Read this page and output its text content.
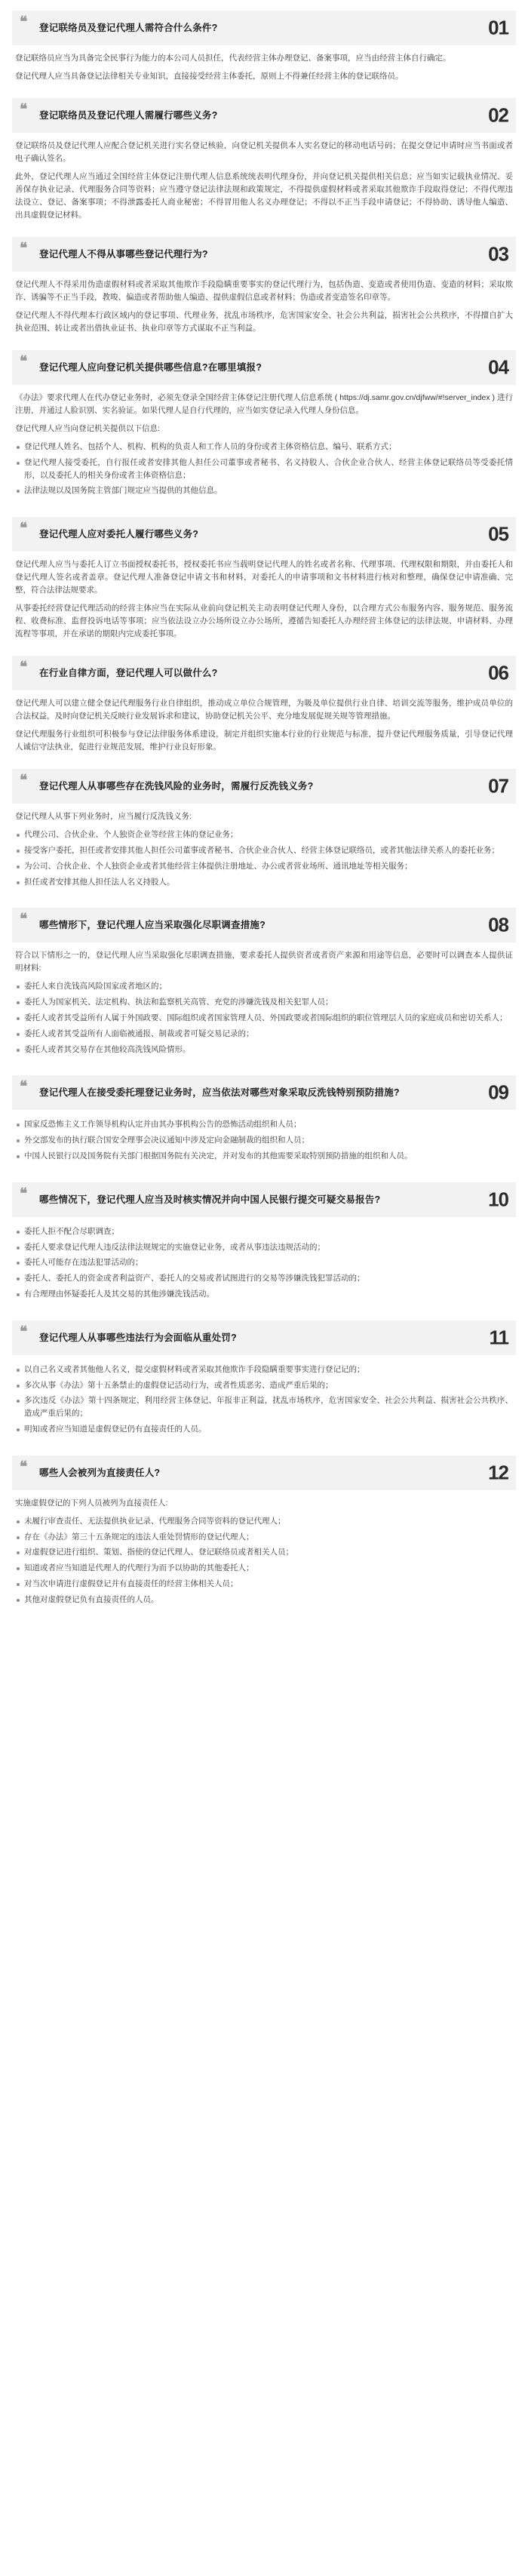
❝ 登记联络员及登记代理人需符合什么条件?	01

登记联络员应当为具备完全民事行为能力的本公司人员担任，代表经营主体办理登记、备案事项，应当由经营主体自行确定。

登记代理人应当具备登记法律相关专业知识，直接接受经营主体委托，原则上不得兼任经营主体的登记联络员。

❝ 登记联络员及登记代理人需履行哪些义务?	02

登记联络员及登记代理人应配合登记机关进行实名登记核验，向登记机关提供本人实名登记的移动电话号码；在提交登记申请时应当书面或者电子确认签名。

此外，登记代理人应当通过全国经营主体登记注册代理人信息系统统表明代理身份，并向登记机关提供相关信息；应当如实记载执业情况、妥善保存执业记录、代理服务合同等资料；应当遵守登记法律法规和政策规定，不得提供虚假材料或者采取其他欺诈手段取得登记；不得代理违法设立、登记、备案事项；不得泄露委托人商业秘密；不得冒用他人名义办理登记；不得以不正当手段申请登记；不得协助、诱导他人编造、出具虚假登记材料。

❝ 登记代理人不得从事哪些登记代理行为?	03

登记代理人不得采用伪造虚假材料或者采取其他欺诈手段隐瞒重要事实的登记代理行为，包括伪造、变造或者使用伪造、变造的材料；采取欺诈、诱骗等不正当手段，教唆、偏造或者帮助他人编造、提供虚假信息或者材料；伪造或者变造签名印章等。

登记代理人不得代理本行政区域内的登记事项、代理业务，扰乱市场秩序，危害国家安全、社会公共利益，损害社会公共秩序，不得擅自扩大执业范围、转让或者出借执业证书、执业印章等方式谋取不正当利益。

❝ 登记代理人应向登记机关提供哪些信息?在哪里填报?	04

《办法》要求代理人在代办登记业务时，必须先登录全国经营主体登记注册代理人信息系统 ( https://dj.samr.gov.cn/djfww/#!server_index ) 进行注册，并通过人脸识别、实名验证。如果代理人是自行代理的，应当如实登记录入代理人身份信息。

登记代理人应当向登记机关提供以下信息:

登记代理人姓名、包括个人、机构、机构的负责人和工作人员的身份或者主体资格信息、编号、联系方式；
登记代理人接受委托，自行报任或者安排其他人担任公司董事或者秘书、名义持股人、合伙企业合伙人、经营主体登记联络员等受委托情形，以及委托人的相关身份或者主体资格信息；
法律法规以及国务院主管部门规定应当提供的其他信息。
❝ 登记代理人应对委托人履行哪些义务?	05

登记代理人应当与委托人订立书面授权委托书，授权委托书应当载明登记代理人的姓名或者名称、代理事项、代理权限和期限，并由委托人和登记代理人签名或者盖章。登记代理人准备登记申请文书和材料，对委托人的申请事项和文书材料进行核对和整理，确保登记申请准确、完整，符合法律法规要求。

从事委托经营登记代理活动的经营主体应当在实际从业前向登记机关主动表明登记代理人身份，以合理方式公布服务内容、服务规范、服务流程、收费标准、监督投诉电话等事项；应当依法设立办公场所设立办公场所，遵循告知委托人办理经营主体登记的法律法规、申请材料、办理流程等事项，并在承诺的期限内完成委托事项。

❝ 在行业自律方面，登记代理人可以做什么?	06

登记代理人可以建立健全登记代理服务行业自律组织，推动成立单位合规管理，为吸及单位提供行业自律、培训交流等服务，维护成员单位的合法权益，及时向登记机关反映行业发展诉求和建议，协助登记机关公平、充分地发展促规关规等管理措施。

登记代理服务行业组织可积极参与登记法律服务体系建设，制定并组织实施本行业的行业规范与标准，提升登记代理服务质量，引导登记代理人诚信守法执业，促进行业规范发展，维护行业良好形象。

❝ 登记代理人从事哪些存在洗钱风险的业务时，需履行反洗钱义务?	07

登记代理人从事下列业务时，应当履行反洗钱义务:

代理公司、合伙企业、个人独资企业等经营主体的登记业务；
接受客户委托，担任或者安排其他人担任公司董事或者秘书、合伙企业合伙人、经营主体登记联络员，或者其他法律关系人的委托业务；
为公司、合伙企业、个人独资企业或者其他经营主体提供注册地址、办公或者营业场所、通讯地址等相关服务；
担任或者安排其他人担任法人名义持股人。
❝ 哪些情形下，登记代理人应当采取强化尽职调查措施?	08

符合以下情形之一的，登记代理人应当采取强化尽职调查措施，要求委托人提供资者或者资产来源和用途等信息，必要时可以调查本人提供证明材料:

委托人来自洗钱高风险国家或者地区的；
委托人为国家机关、法定机构、执法和监察机关高管、充党的涉嫌洗钱及相关犯罪人员；
委托人或者其受益所有人属于外国政要、国际组织或者国家管理人员、外国政要或者国际组织的职位管理层人员的家庭成员和密切关系人；
委托人或者其受益所有人面临被通报、制裁或者可疑交易记录的；
委托人或者其交易存在其他较高洗钱风险情形。
❝ 登记代理人在接受委托理登记业务时，应当依法对哪些对象采取反洗钱特别预防措施?	09
国家反恐怖主义工作领导机构认定并由其办事机构公告的恐怖活动组织和人员；
外交部发布的执行联合国安全理事会决议通知中涉及定向金融制裁的组织和人员；
中国人民银行以及国务院有关部门根据国务院有关决定，并对发布的其他需要采取特别预防措施的组织和人员。
❝ 哪些情况下，登记代理人应当及时核实情况并向中国人民银行提交可疑交易报告?	10
委托人拒不配合尽职调查；
委托人要求登记代理人违反法律法规规定的实施登记业务，或者从事违法违规活动的；
委托人可能存在违法犯罪活动的；
委托人、委托人的资金或者利益资产、委托人的交易或者试图进行的交易等涉嫌洗钱犯罪活动的；
有合理理由怀疑委托人及其交易的其他涉嫌洗钱活动。
❝ 登记代理人从事哪些违法行为会面临从重处罚?	11
以自己名义或者其他他人名义，提交虚假材料或者采取其他欺诈手段隐瞒重要事实进行登记记的；
多次从事《办法》第十五条禁止的虚假登记活动行为，或者性质恶劣、造成严重后果的；
多次违反《办法》第十四条规定、利用经营主体登记、年报非正利益，扰乱市场秩序，危害国家安全、社会公共利益、损害社会公共秩序、造成严重后果的；
明知或者应当知道是虚假登记仍有直接责任的人员。
❝ 哪些人会被列为直接责任人?	12

实施虚假登记的下列人员被列为直接责任人:

未履行审查责任、无法提供执业记录、代理服务合同等资料的登记代理人；
存在《办法》第三十五条规定的违法人重处罚情形的登记代理人；
对虚假登记进行组织、策划、指使的登记代理人、登记联络员或者相关人员；
知道或者应当知道是代理人的代理行为而予以协助的其他委托人；
对当次申请进行虚假登记并有直接责任的经营主体相关人员；
其他对虚假登记负有直接责任的人员。
